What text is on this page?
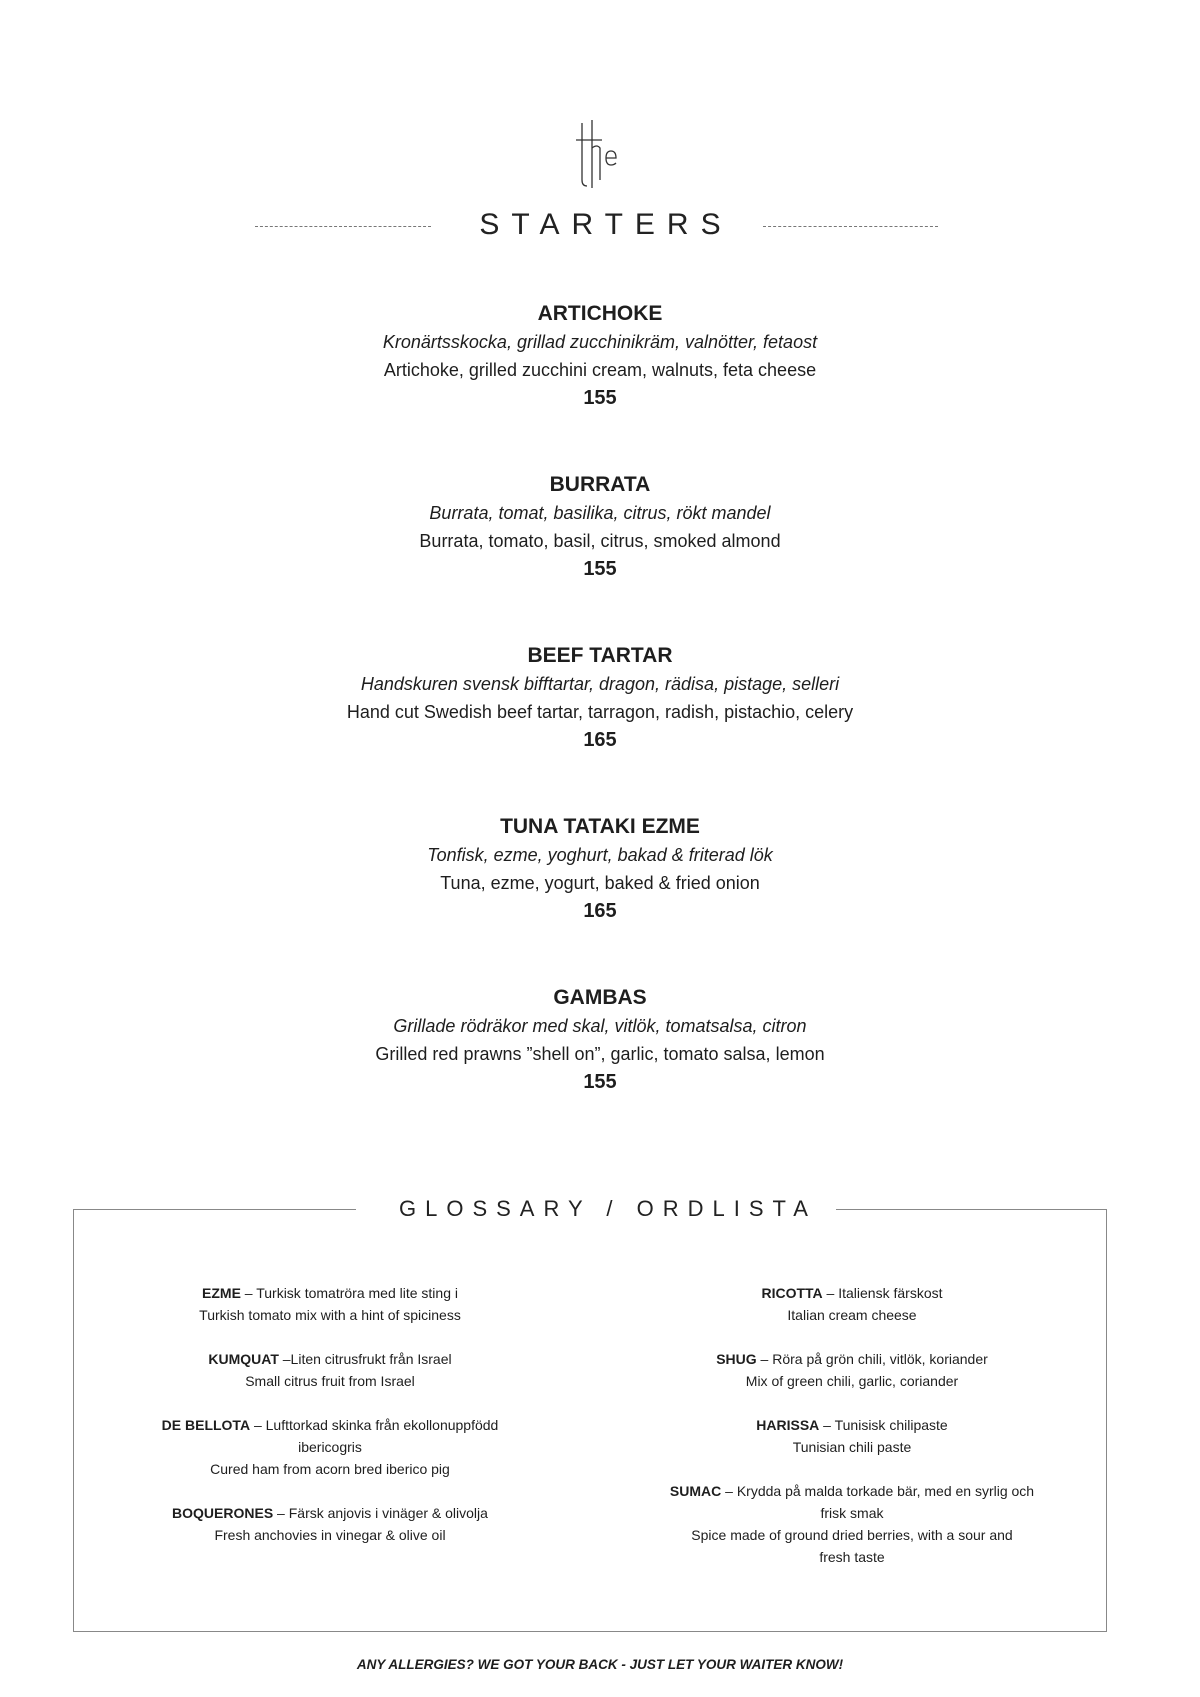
STARTERS
ARTICHOKE
Kronärtsskocka, grillad zucchinikräm, valnötter, fetaost
Artichoke, grilled zucchini cream, walnuts, feta cheese
155
BURRATA
Burrata, tomat, basilika, citrus, rökt mandel
Burrata, tomato, basil, citrus, smoked almond
155
BEEF TARTAR
Handskuren svensk bifftartar, dragon, rädisa, pistage, selleri
Hand cut Swedish beef tartar, tarragon, radish, pistachio, celery
165
TUNA TATAKI EZME
Tonfisk, ezme, yoghurt, bakad & friterad lök
Tuna, ezme, yogurt, baked & fried onion
165
GAMBAS
Grillade rödräkor med skal, vitlök, tomatsalsa, citron
Grilled red prawns ”shell on”, garlic, tomato salsa, lemon
155
GLOSSARY / ORDLISTA
EZME – Turkisk tomatröra med lite sting i
Turkish tomato mix with a hint of spiciness
KUMQUAT –Liten citrusfrukt från Israel
Small citrus fruit from Israel
DE BELLOTA – Lufttorkad skinka från ekollonuppfödd ibericogris
Cured ham from acorn bred iberico pig
BOQUERONES – Färsk anjovis i vinäger & olivolja
Fresh anchovies in vinegar & olive oil
RICOTTA – Italiensk färskost
Italian cream cheese
SHUG – Röra på grön chili, vitlök, koriander
Mix of green chili, garlic, coriander
HARISSA – Tunisisk chilipaste
Tunisian chili paste
SUMAC – Krydda på malda torkade bär, med en syrlig och frisk smak
Spice made of ground dried berries, with a sour and fresh taste
ANY ALLERGIES? WE GOT YOUR BACK - JUST LET YOUR WAITER KNOW!
